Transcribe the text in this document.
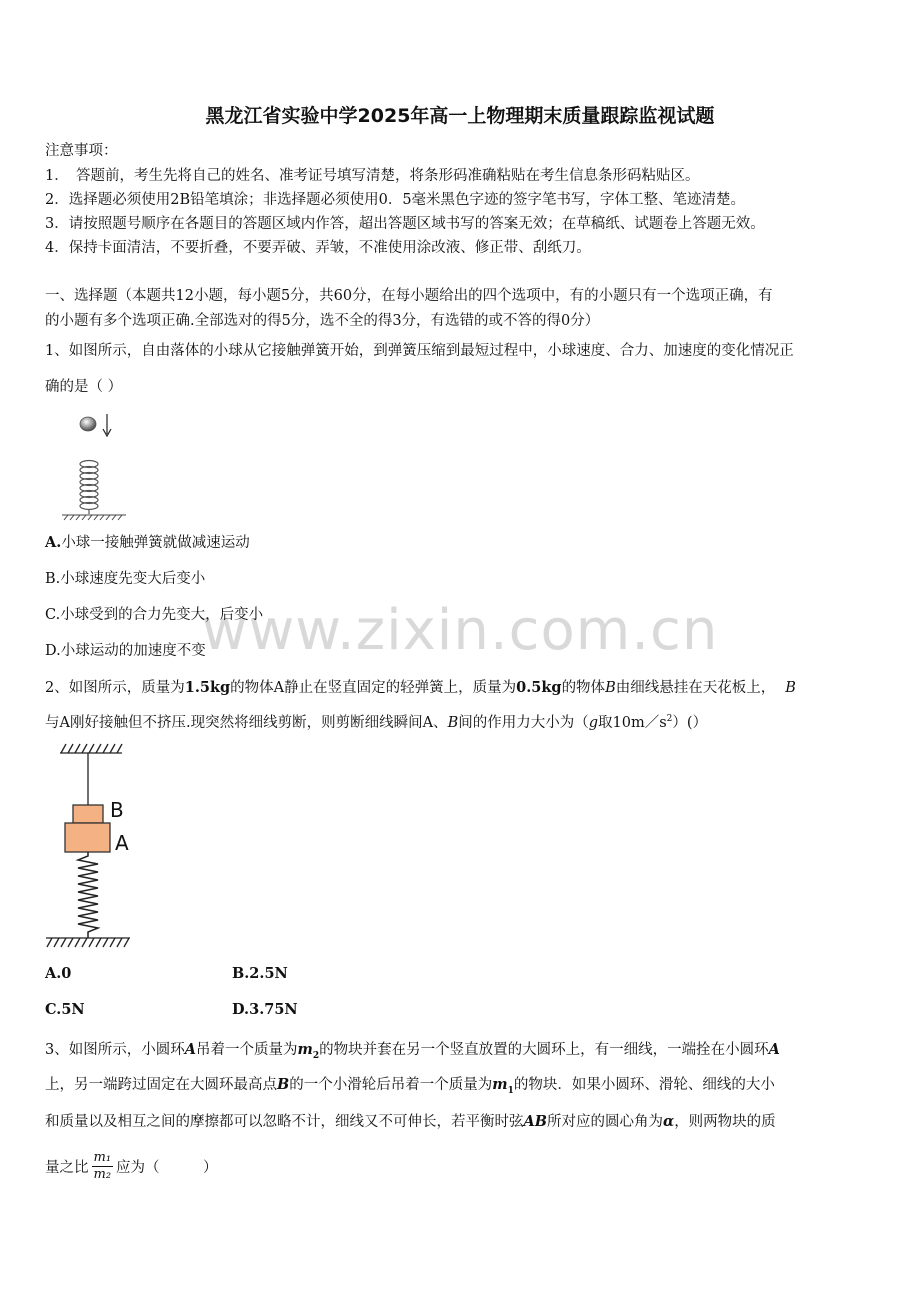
www.zixin.com.cn
黑龙江省实验中学2025年高一上物理期末质量跟踪监视试题
注意事项：
1．　答题前，考生先将自己的姓名、准考证号填写清楚，将条形码准确粘贴在考生信息条形码粘贴区。
2．选择题必须使用2B铅笔填涂；非选择题必须使用0．5毫米黑色字迹的签字笔书写，字体工整、笔迹清楚。
3．请按照题号顺序在各题目的答题区域内作答，超出答题区域书写的答案无效；在草稿纸、试题卷上答题无效。
4．保持卡面清洁，不要折叠，不要弄破、弄皱，不准使用涂改液、修正带、刮纸刀。
一、选择题（本题共12小题，每小题5分，共60分，在每小题给出的四个选项中，有的小题只有一个选项正确，有
的小题有多个选项正确.全部选对的得5分，选不全的得3分，有选错的或不答的得0分）
1、如图所示，自由落体的小球从它接触弹簧开始，到弹簧压缩到最短过程中，小球速度、合力、加速度的变化情况正
确的是（ ）
A.小球一接触弹簧就做减速运动
B.小球速度先变大后变小
C.小球受到的合力先变大，后变小
D.小球运动的加速度不变
2、如图所示，质量为1.5kg的物体A静止在竖直固定的轻弹簧上，质量为0.5kg的物体B由细线悬挂在天花板上， B
与A刚好接触但不挤压.现突然将细线剪断，则剪断细线瞬间A、B间的作用力大小为（g取$10m/s^2)()$
B
A
A.0	B.2.5N
C.5N	D.3.75N
3、如图所示，小圆环A吊着一个质量为$m_2$的物块并套在另一个竖直放置的大圆环上，有一细线，一端拴在小圆环A
上，另一端跨过固定在大圆环最高点B的一个小滑轮后吊着一个质量为$m_1$的物块．如果小圆环、滑轮、细线的大小
和质量以及相互之间的摩擦都可以忽略不计，细线又不可伸长，若平衡时弦AB所对应的圆心角为α，则两物块的质
量之比 $\frac{\text{m₁}}{\text{m₂}}$ 应为（　　　）
